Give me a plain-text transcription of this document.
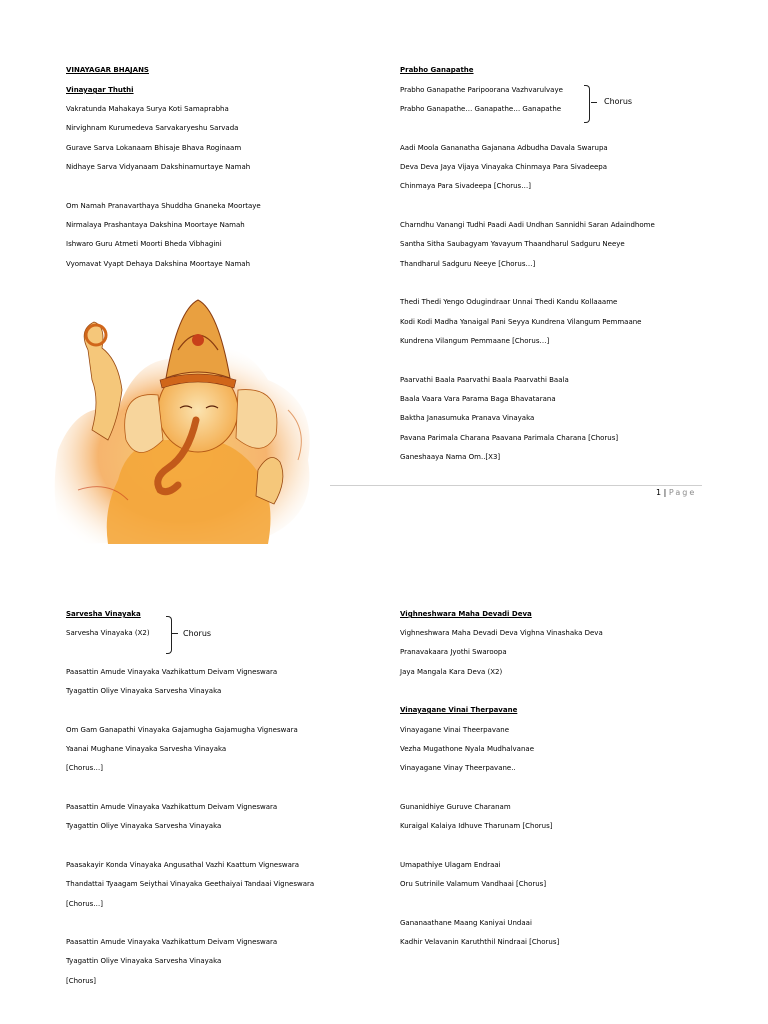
VINAYAGAR BHAJANS
Vinayagar Thuthi
Vakratunda Mahakaya Surya Koti Samaprabha
Nirvighnam Kurumedeva Sarvakaryeshu Sarvada
Gurave Sarva Lokanaam Bhisaje Bhava Roginaam
Nidhaye Sarva Vidyanaam Dakshinamurtaye Namah
Om Namah Pranavarthaya Shuddha Gnaneka Moortaye
Nirmalaya Prashantaya Dakshina Moortaye Namah
Ishwaro Guru Atmeti Moorti Bheda Vibhagini
Vyomavat Vyapt Dehaya Dakshina Moortaye Namah
Prabho Ganapathe
Prabho Ganapathe Paripoorana Vazhvarulvaye
Prabho Ganapathe… Ganapathe… Ganapathe
Chorus
Aadi Moola Gananatha Gajanana Adbudha Davala Swarupa
Deva Deva Jaya Vijaya Vinayaka Chinmaya Para Sivadeepa
Chinmaya Para Sivadeepa [Chorus…]
Charndhu Vanangi Tudhi Paadi Aadi Undhan Sannidhi Saran Adaindhome
Santha Sitha Saubagyam Yavayum Thaandharul Sadguru Neeye
Thandharul Sadguru Neeye [Chorus…]
Thedi Thedi Yengo Odugindraar Unnai Thedi Kandu Kollaaame
Kodi Kodi Madha Yanaigal Pani Seyya Kundrena Vilangum Pemmaane
Kundrena Vilangum Pemmaane [Chorus…]
Paarvathi Baala Paarvathi Baala Paarvathi Baala
Baala Vaara Vara Parama Baga Bhavatarana
Baktha Janasumuka Pranava Vinayaka
Pavana Parimala Charana Paavana Parimala Charana [Chorus]
Ganeshaaya Nama Om..[X3]
1 | Page
Sarvesha Vinayaka
Sarvesha Vinayaka (X2)	Chorus
Paasattin Amude Vinayaka Vazhikattum Deivam Vigneswara
Tyagattin Oliye Vinayaka Sarvesha Vinayaka
Om Gam Ganapathi Vinayaka Gajamugha Gajamugha Vigneswara
Yaanai Mughane Vinayaka Sarvesha Vinayaka
[Chorus…]
Paasattin Amude Vinayaka Vazhikattum Deivam Vigneswara
Tyagattin Oliye Vinayaka Sarvesha Vinayaka
Paasakayir Konda Vinayaka Angusathal Vazhi Kaattum Vigneswara
Thandattai Tyaagam Seiythai Vinayaka Geethaiyai Tandaai Vigneswara
[Chorus…]
Paasattin Amude Vinayaka Vazhikattum Deivam Vigneswara
Tyagattin Oliye Vinayaka Sarvesha Vinayaka
[Chorus]
Vighneshwara Maha Devadi Deva
Vighneshwara Maha Devadi Deva Vighna Vinashaka Deva
Pranavakaara Jyothi Swaroopa
Jaya Mangala Kara Deva (X2)
Vinayagane Vinai Therpavane
Vinayagane Vinai Theerpavane
Vezha Mugathone Nyala Mudhalvanae
Vinayagane Vinay Theerpavane..
Gunanidhiye Guruve Charanam
Kuraigal Kalaiya Idhuve Tharunam [Chorus]
Umapathiye Ulagam Endraai
Oru Sutrinile Valamum Vandhaai [Chorus]
Gananaathane Maang Kaniyai Undaai
Kadhir Velavanin Karuththil Nindraai [Chorus]
